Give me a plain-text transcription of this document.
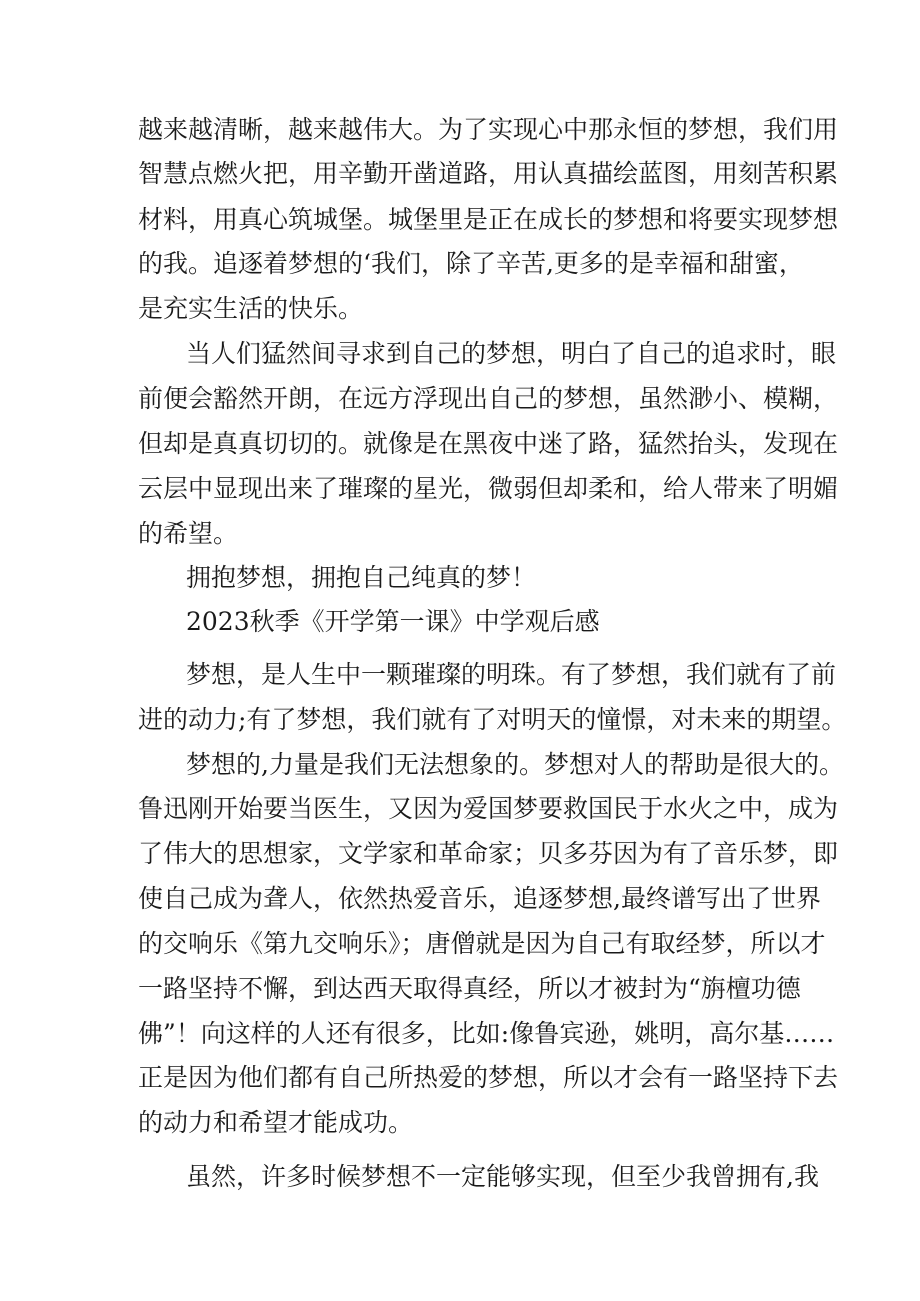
越来越清晰，越来越伟大。为了实现心中那永恒的梦想，我们用
智慧点燃火把，用辛勤开凿道路，用认真描绘蓝图，用刻苦积累
材料，用真心筑城堡。城堡里是正在成长的梦想和将要实现梦想
的我。追逐着梦想的‘我们，除了辛苦,更多的是幸福和甜蜜，
是充实生活的快乐。
当人们猛然间寻求到自己的梦想，明白了自己的追求时，眼
前便会豁然开朗，在远方浮现出自己的梦想，虽然渺小、模糊，
但却是真真切切的。就像是在黑夜中迷了路，猛然抬头，发现在
云层中显现出来了璀璨的星光，微弱但却柔和，给人带来了明媚
的希望。
拥抱梦想，拥抱自己纯真的梦！
2023秋季《开学第一课》中学观后感
梦想，是人生中一颗璀璨的明珠。有了梦想，我们就有了前
进的动力;有了梦想，我们就有了对明天的憧憬，对未来的期望。
梦想的,力量是我们无法想象的。梦想对人的帮助是很大的。
鲁迅刚开始要当医生，又因为爱国梦要救国民于水火之中，成为
了伟大的思想家，文学家和革命家；贝多芬因为有了音乐梦，即
使自己成为聋人，依然热爱音乐，追逐梦想,最终谱写出了世界
的交响乐《第九交响乐》；唐僧就是因为自己有取经梦，所以才
一路坚持不懈，到达西天取得真经，所以才被封为“旃檀功德
佛”！向这样的人还有很多，比如:像鲁宾逊，姚明，高尔基……
正是因为他们都有自己所热爱的梦想，所以才会有一路坚持下去
的动力和希望才能成功。
虽然，许多时候梦想不一定能够实现，但至少我曾拥有,我
